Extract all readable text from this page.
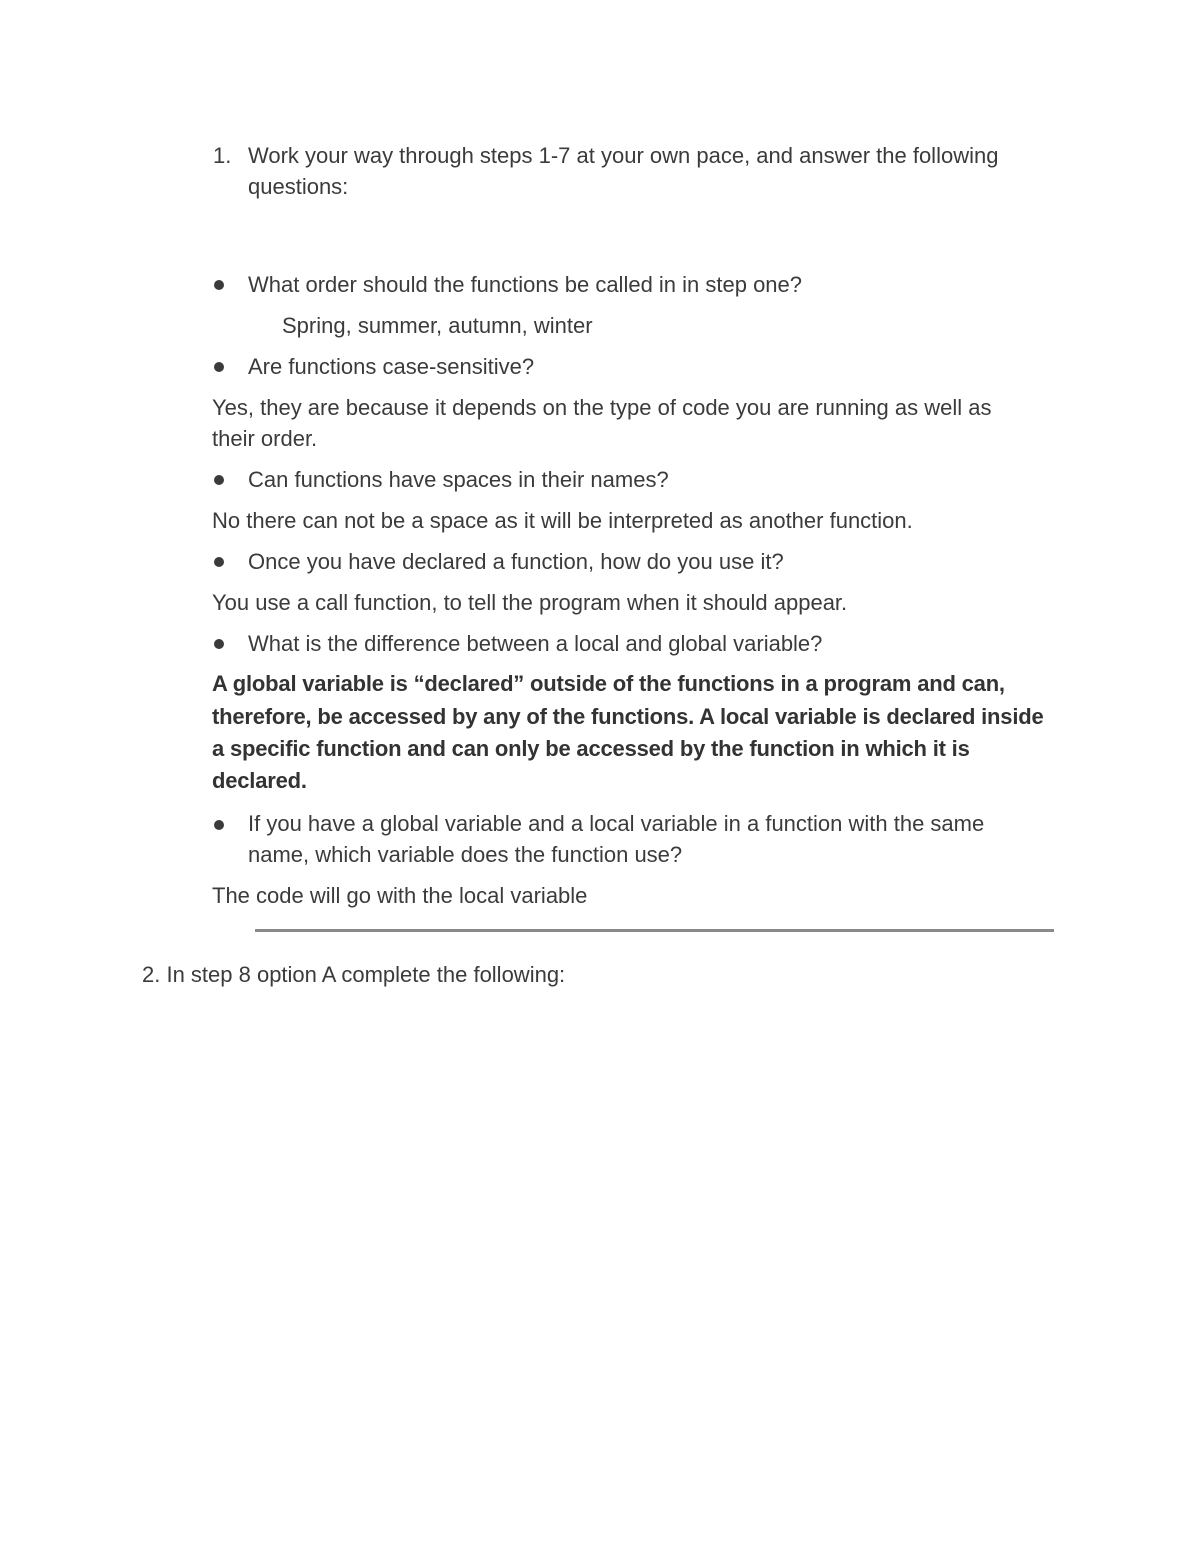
1. Work your way through steps 1-7 at your own pace, and answer the following
questions:
What order should the functions be called in in step one?
Spring, summer, autumn, winter
Are functions case-sensitive?
Yes, they are because it depends on the type of code you are running as well as
their order.
Can functions have spaces in their names?
No there can not be a space as it will be interpreted as another function.
Once you have declared a function, how do you use it?
You use a call function, to tell the program when it should appear.
What is the difference between a local and global variable?
A global variable is “declared” outside of the functions in a program and can,
therefore, be accessed by any of the functions. A local variable is declared inside
a specific function and can only be accessed by the function in which it is
declared.
If you have a global variable and a local variable in a function with the same
name, which variable does the function use?
The code will go with the local variable
2. In step 8 option A complete the following:
